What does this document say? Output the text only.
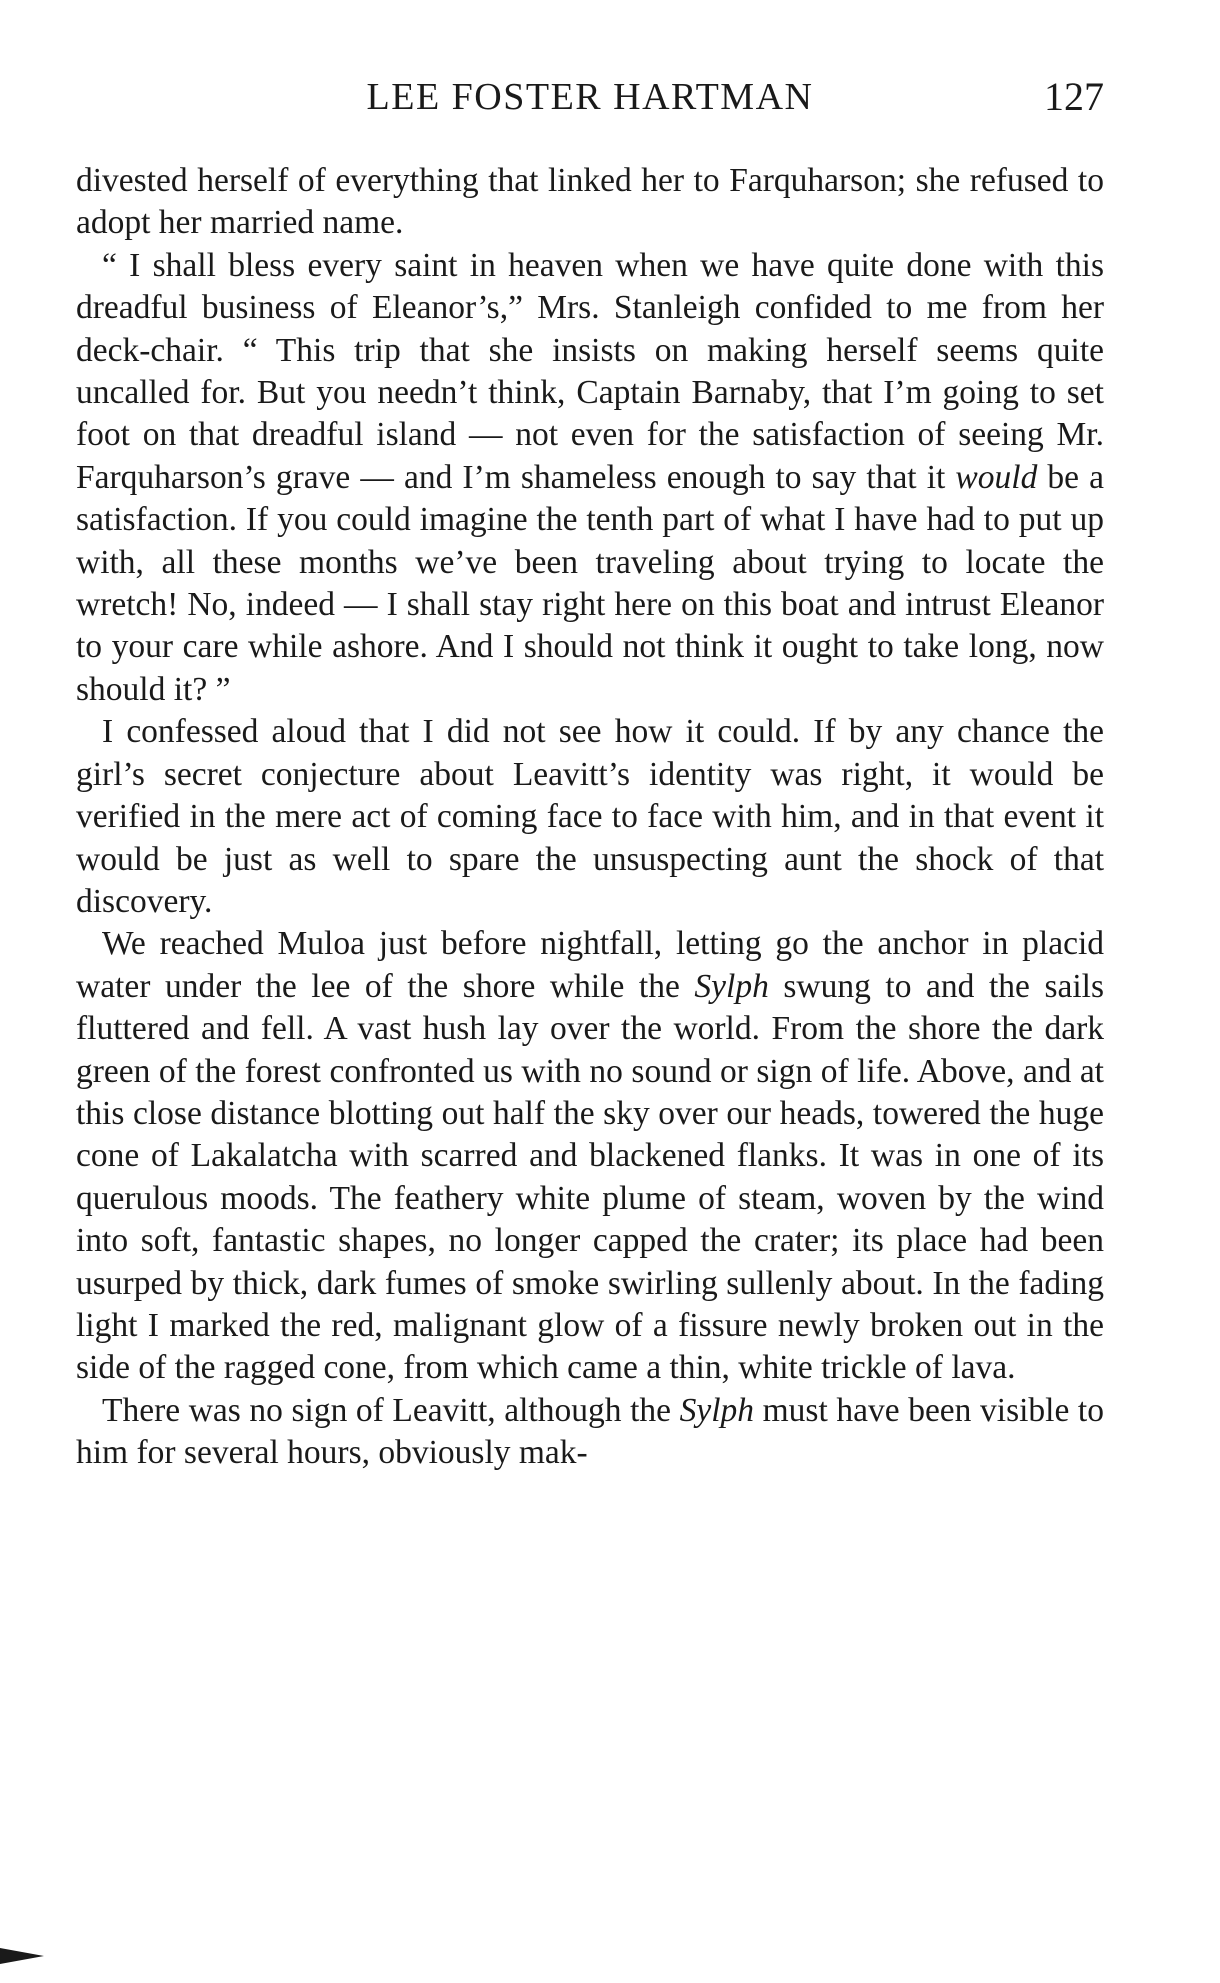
LEE FOSTER HARTMAN	127

divested herself of everything that linked her to Farquharson; she refused to adopt her married name.

“ I shall bless every saint in heaven when we have quite done with this dreadful business of Eleanor’s,” Mrs. Stanleigh confided to me from her deck-chair. “ This trip that she insists on making herself seems quite uncalled for. But you needn’t think, Captain Barnaby, that I’m going to set foot on that dreadful island — not even for the satisfaction of seeing Mr. Farquharson’s grave — and I’m shameless enough to say that it would be a satisfaction. If you could imagine the tenth part of what I have had to put up with, all these months we’ve been traveling about trying to locate the wretch! No, indeed — I shall stay right here on this boat and intrust Eleanor to your care while ashore. And I should not think it ought to take long, now should it? ”

I confessed aloud that I did not see how it could. If by any chance the girl’s secret conjecture about Leavitt’s identity was right, it would be verified in the mere act of coming face to face with him, and in that event it would be just as well to spare the unsuspecting aunt the shock of that discovery.

We reached Muloa just before nightfall, letting go the anchor in placid water under the lee of the shore while the Sylph swung to and the sails fluttered and fell. A vast hush lay over the world. From the shore the dark green of the forest confronted us with no sound or sign of life. Above, and at this close distance blotting out half the sky over our heads, towered the huge cone of Lakalatcha with scarred and blackened flanks. It was in one of its querulous moods. The feathery white plume of steam, woven by the wind into soft, fantastic shapes, no longer capped the crater; its place had been usurped by thick, dark fumes of smoke swirling sullenly about. In the fading light I marked the red, malignant glow of a fissure newly broken out in the side of the ragged cone, from which came a thin, white trickle of lava.

There was no sign of Leavitt, although the Sylph must have been visible to him for several hours, obviously mak-
